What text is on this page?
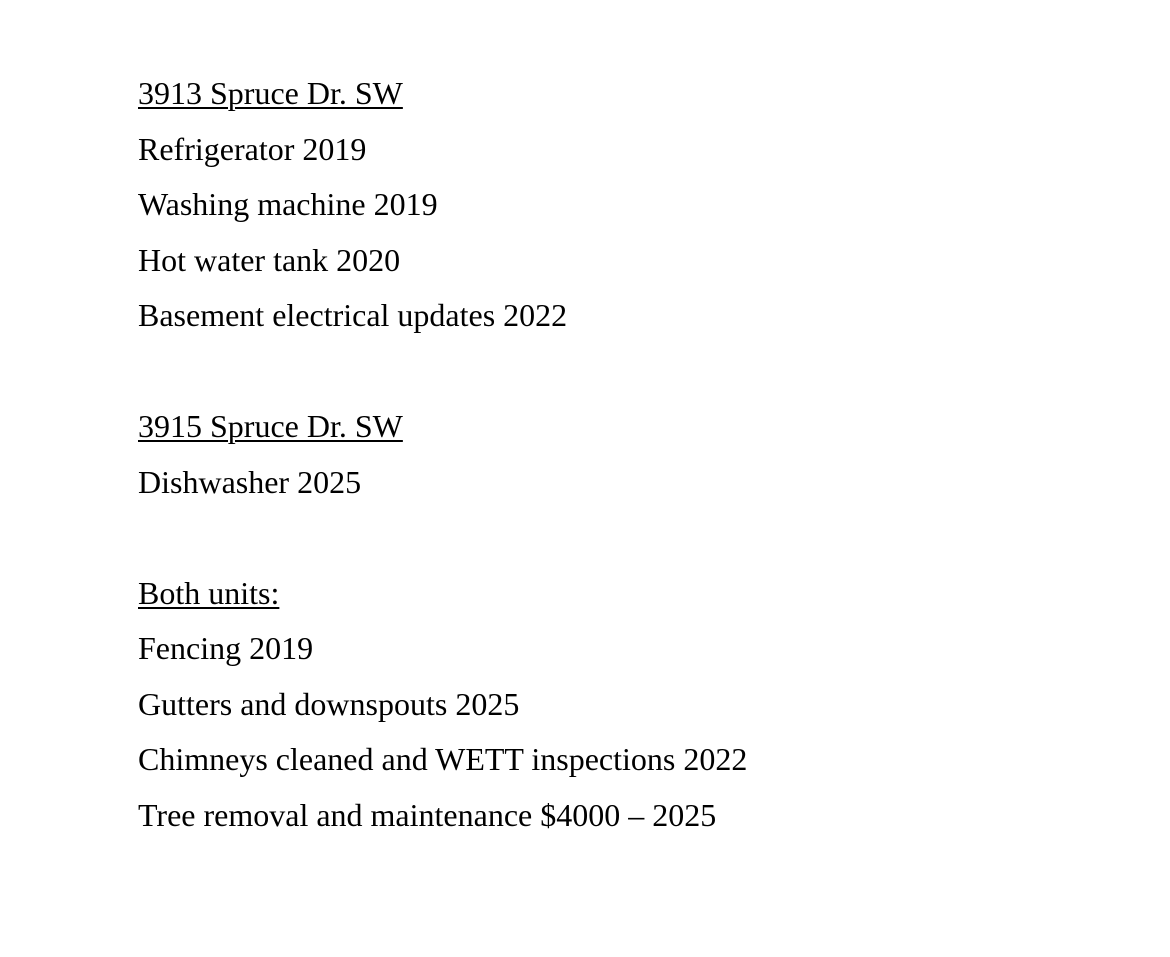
3913 Spruce Dr. SW
Refrigerator 2019
Washing machine 2019
Hot water tank 2020
Basement electrical updates 2022
3915 Spruce Dr. SW
Dishwasher 2025
Both units:
Fencing 2019
Gutters and downspouts 2025
Chimneys cleaned and WETT inspections 2022
Tree removal and maintenance $4000 – 2025
